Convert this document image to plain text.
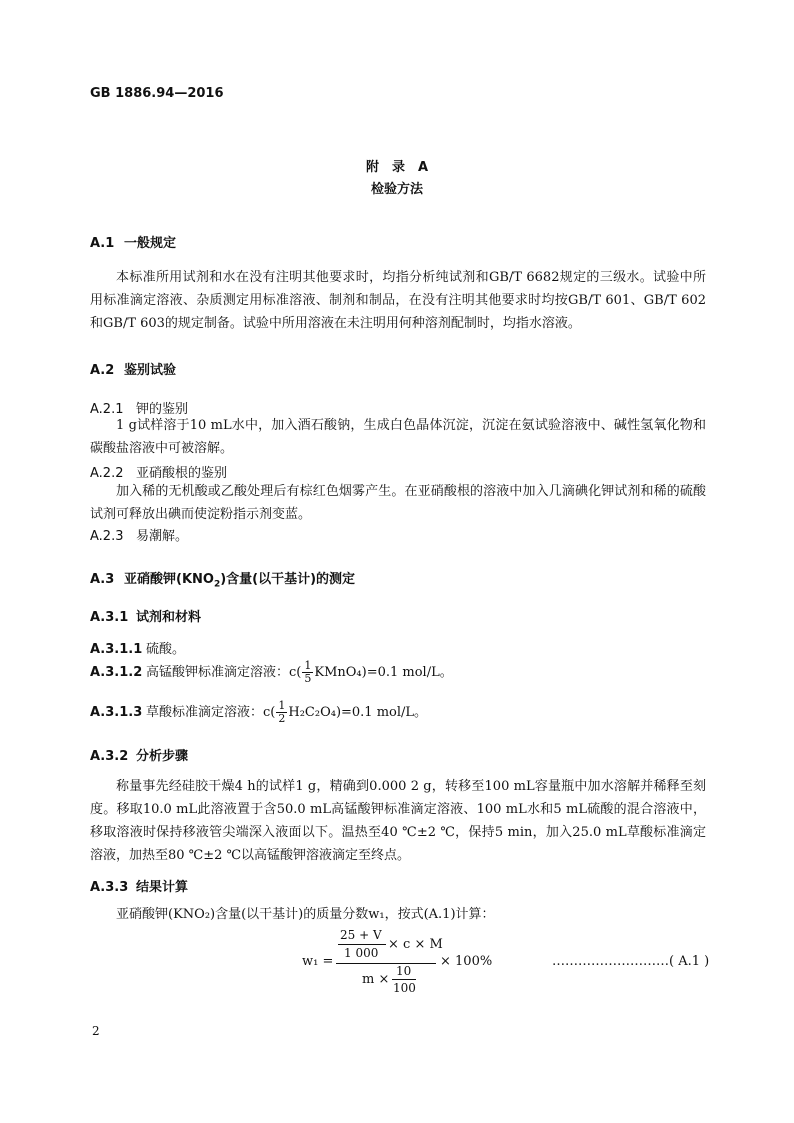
GB 1886.94—2016
附　录　A
检验方法
A.1 一般规定
本标准所用试剂和水在没有注明其他要求时，均指分析纯试剂和GB/T 6682规定的三级水。试验中所用标准滴定溶液、杂质测定用标准溶液、制剂和制品，在没有注明其他要求时均按GB/T 601、GB/T 602和GB/T 603的规定制备。试验中所用溶液在未注明用何种溶剂配制时，均指水溶液。
A.2 鉴别试验
A.2.1 钾的鉴别
1 g试样溶于10 mL水中，加入酒石酸钠，生成白色晶体沉淀，沉淀在氨试验溶液中、碱性氢氧化物和碳酸盐溶液中可被溶解。
A.2.2 亚硝酸根的鉴别
加入稀的无机酸或乙酸处理后有棕红色烟雾产生。在亚硝酸根的溶液中加入几滴碘化钾试剂和稀的硫酸试剂可释放出碘而使淀粉指示剂变蓝。
A.2.3 易潮解。
A.3 亚硝酸钾$(KNO_2)$含量(以干基计)的测定
A.3.1 试剂和材料
A.3.1.1 硫酸。
A.3.1.2 高锰酸钾标准滴定溶液：$c( \frac{1}{5}$ KMnO₄)=0.1 mol/L。
A.3.1.3 草酸标准滴定溶液：$c( \frac{1}{2} H_2C_2O_4)=0.1$ mol/L。
A.3.2 分析步骤
称量事先经硅胶干燥4 h的试样1 g，精确到0.000 2 g，转移至100 mL容量瓶中加水溶解并稀释至刻度。移取10.0 mL此溶液置于含50.0 mL高锰酸钾标准滴定溶液、100 mL水和5 mL硫酸的混合溶液中，移取溶液时保持移液管尖端深入液面以下。温热至40 ℃±2 ℃，保持5 min，加入25.0 mL草酸标准滴定溶液，加热至80 ℃±2 ℃以高锰酸钾溶液滴定至终点。
A.3.3 结果计算
亚硝酸钾(KNO₂)含量(以干基计)的质量分数w₁，按式(A.1)计算：
w₁ =
25 + V
1 000
× c × M
m ×
10
100
× 100%	………………………( A.1 )
2
